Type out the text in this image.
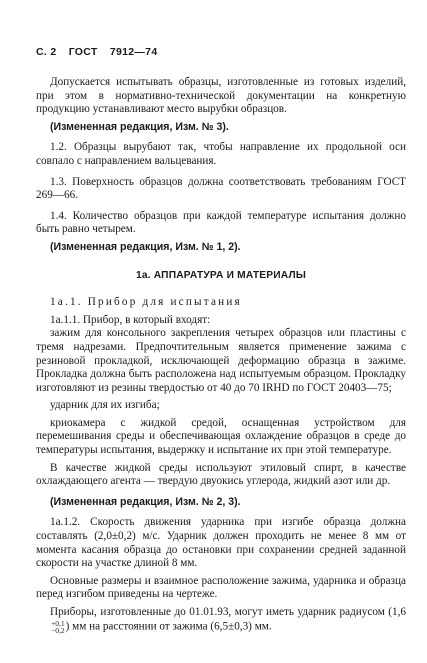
С. 2 ГОСТ 7912—74

Допускается испытывать образцы, изготовленные из готовых изделий, при этом в нормативно-технической документации на конкретную продукцию устанавливают место вырубки образцов.

(Измененная редакция, Изм. № 3).

1.2. Образцы вырубают так, чтобы направление их продольной оси совпало с направлением вальцевания.

1.3. Поверхность образцов должна соответствовать требованиям ГОСТ 269—66.

1.4. Количество образцов при каждой температуре испытания должно быть равно четырем.

(Измененная редакция, Изм. № 1, 2).

1а. АППАРАТУРА И МАТЕРИАЛЫ

1а.1. Прибор для испытания

1а.1.1. Прибор, в который входят:

зажим для консольного закрепления четырех образцов или пластины с тремя надрезами. Предпочтительным является применение зажима с резиновой прокладкой, исключающей деформацию образца в зажиме. Прокладка должна быть расположена над испытуемым образцом. Прокладку изготовляют из резины твердостью от 40 до 70 IRHD по ГОСТ 20403—75;

ударник для их изгиба;

криокамера с жидкой средой, оснащенная устройством для перемешивания среды и обеспечивающая охлаждение образцов в среде до температуры испытания, выдержку и испытание их при этой температуре.

В качестве жидкой среды используют этиловый спирт, в качестве охлаждающего агента — твердую двуокись углерода, жидкий азот или др.

(Измененная редакция, Изм. № 2, 3).

1а.1.2. Скорость движения ударника при изгибе образца должна составлять (2,0±0,2) м/с. Ударник должен проходить не менее 8 мм от момента касания образца до остановки при сохранении средней заданной скорости на участке длиной 8 мм.

Основные размеры и взаимное расположение зажима, ударника и образца перед изгибом приведены на чертеже.

Приборы, изготовленные до 01.01.93, могут иметь ударник радиусом (1,6
+0,1
−0,2 ) мм на расстоянии от зажима (6,5±0,3) мм.
